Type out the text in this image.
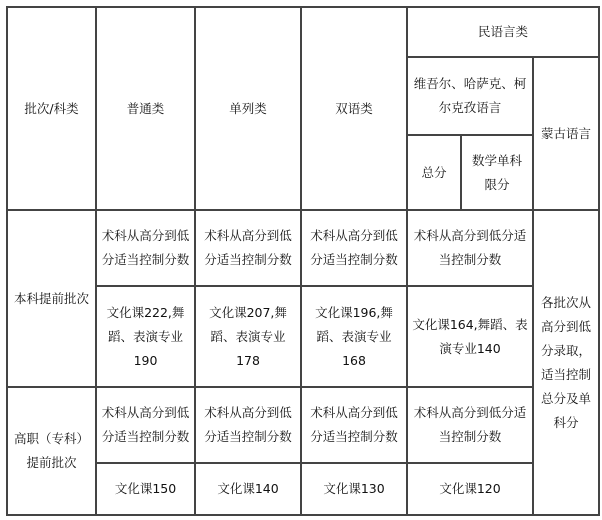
批次/科类	普通类	单列类	双语类	民语言类		
				维吾尔、哈萨克、柯尔克孜语言		蒙古语言
				总分	数学单科限分	
本科提前批次	术科从高分到低分适当控制分数	术科从高分到低分适当控制分数	术科从高分到低分适当控制分数	术科从高分到低分适当控制分数		各批次从高分到低分录取，适当控制总分及单科分
	文化课222,舞蹈、表演专业190	文化课207,舞蹈、表演专业178	文化课196,舞蹈、表演专业168	文化课164,舞蹈、表演专业140		
高职（专科）提前批次	术科从高分到低分适当控制分数	术科从高分到低分适当控制分数	术科从高分到低分适当控制分数	术科从高分到低分适当控制分数		
	文化课150	文化课140	文化课130	文化课120		
